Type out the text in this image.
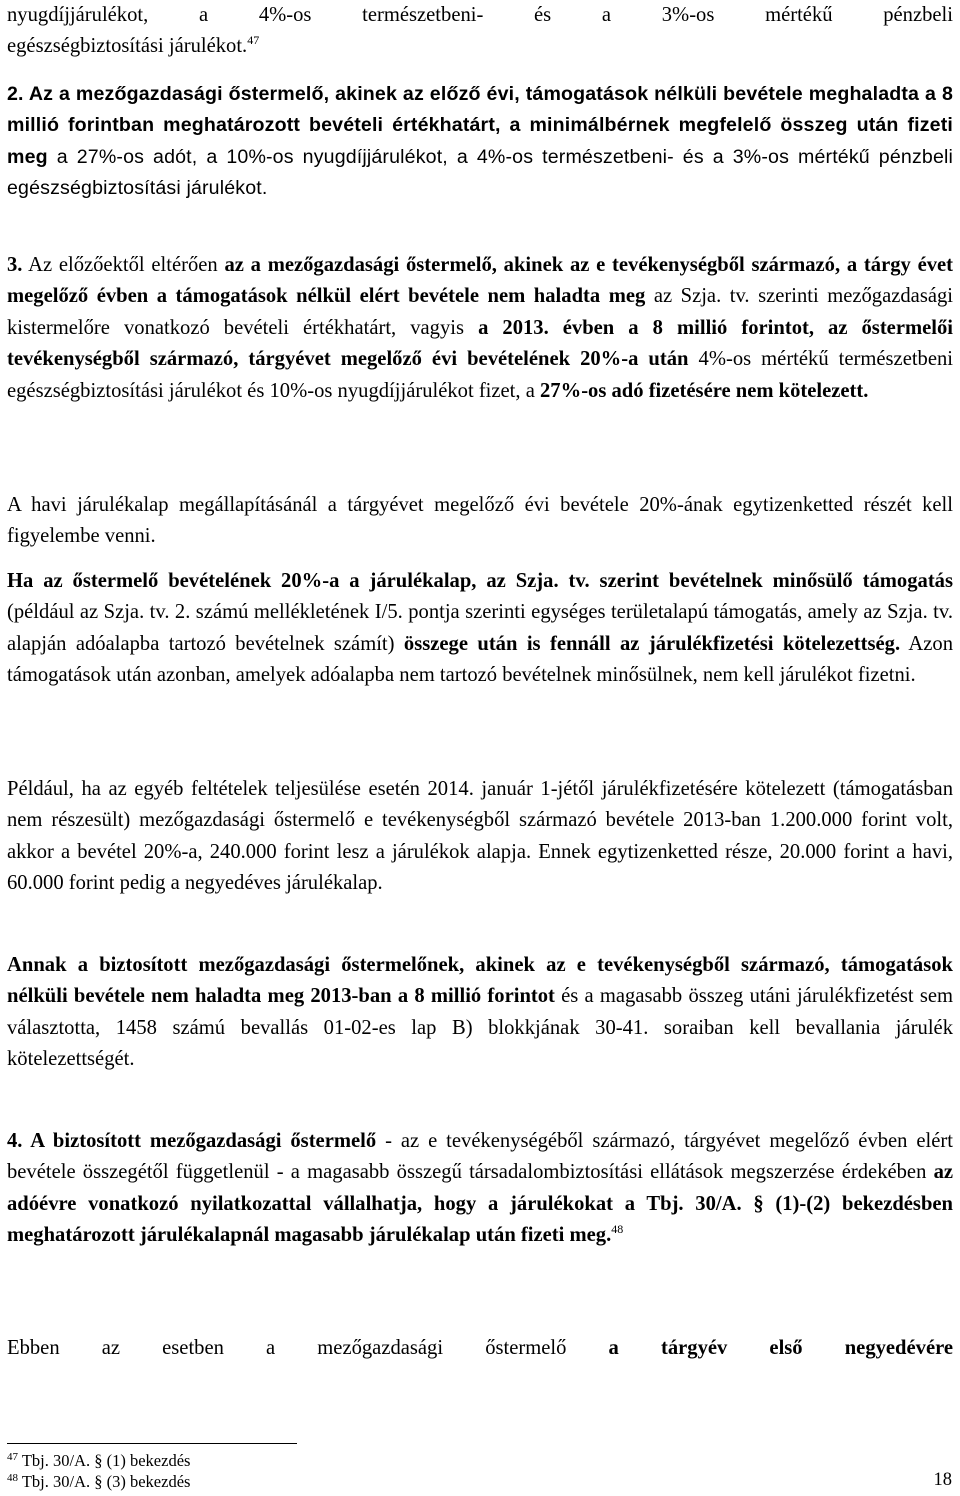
nyugdíjjárulékot, a 4%-os természetbeni- és a 3%-os mértékű pénzbeli

egészségbiztosítási járulékot.$^{47}$

2. Az a mezőgazdasági őstermelő, akinek az előző évi, támogatások nélküli bevétele meghaladta a 8 millió forintban meghatározott bevételi értékhatárt, a minimálbérnek megfelelő összeg után fizeti meg a 27%-os adót, a 10%-os nyugdíjjárulékot, a 4%-os természetbeni- és a 3%-os mértékű pénzbeli egészségbiztosítási járulékot.

3. Az előzőektől eltérően az a mezőgazdasági őstermelő, akinek az e tevékenységből származó, a tárgy évet megelőző évben a támogatások nélkül elért bevétele nem haladta meg az Szja. tv. szerinti mezőgazdasági kistermelőre vonatkozó bevételi értékhatárt, vagyis a 2013. évben a 8 millió forintot, az őstermelői tevékenységből származó, tárgyévet megelőző évi bevételének 20%-a után 4%-os mértékű természetbeni egészségbiztosítási járulékot és 10%-os nyugdíjjárulékot fizet, a 27%-os adó fizetésére nem kötelezett.

A havi járulékalap megállapításánál a tárgyévet megelőző évi bevétele 20%-ának egytizenketted részét kell figyelembe venni.

Ha az őstermelő bevételének 20%-a a járulékalap, az Szja. tv. szerint bevételnek minősülő támogatás (például az Szja. tv. 2. számú mellékletének I/5. pontja szerinti egységes területalapú támogatás, amely az Szja. tv. alapján adóalapba tartozó bevételnek számít) összege után is fennáll az járulékfizetési kötelezettség. Azon támogatások után azonban, amelyek adóalapba nem tartozó bevételnek minősülnek, nem kell járulékot fizetni.

Például, ha az egyéb feltételek teljesülése esetén 2014. január 1-jétől járulékfizetésére kötelezett (támogatásban nem részesült) mezőgazdasági őstermelő e tevékenységből származó bevétele 2013-ban 1.200.000 forint volt, akkor a bevétel 20%-a, 240.000 forint lesz a járulékok alapja. Ennek egytizenketted része, 20.000 forint a havi, 60.000 forint pedig a negyedéves járulékalap.

Annak a biztosított mezőgazdasági őstermelőnek, akinek az e tevékenységből származó, támogatások nélküli bevétele nem haladta meg 2013-ban a 8 millió forintot és a magasabb összeg utáni járulékfizetést sem választotta, 1458 számú bevallás 01-02-es lap B) blokkjának 30-41. soraiban kell bevallania járulék kötelezettségét.

4. A biztosított mezőgazdasági őstermelő - az e tevékenységéből származó, tárgyévet megelőző évben elért bevétele összegétől függetlenül - a magasabb összegű társadalombiztosítási ellátások megszerzése érdekében az adóévre vonatkozó nyilatkozattal vállalhatja, hogy a járulékokat a Tbj. 30/A. § (1)-(2) bekezdésben meghatározott járulékalapnál magasabb járulékalap után fizeti meg.$^{48}$

Ebben az esetben a mezőgazdasági őstermelő a tárgyév első negyedévére

$^{47}$ Tbj. 30/A. § (1) bekezdés
$^{48}$ Tbj. 30/A. § (3) bekezdés	18
